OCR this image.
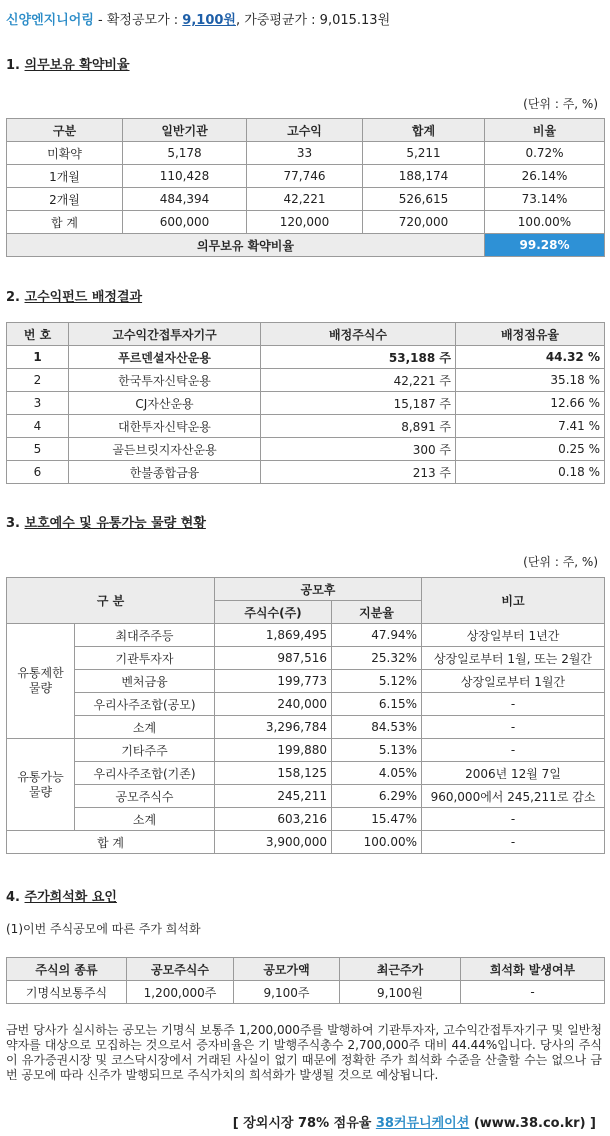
신양엔지니어링 - 확정공모가 : 9,100원, 가중평균가 : 9,015.13원
1. 의무보유 확약비율
(단위 : 주, %)
구분	일반기관	고수익	합계	비율
미확약	5,178	33	5,211	0.72%
1개월	110,428	77,746	188,174	26.14%
2개월	484,394	42,221	526,615	73.14%
합 계	600,000	120,000	720,000	100.00%
의무보유 확약비율				99.28%
2. 고수익펀드 배정결과
번 호	고수익간접투자기구	배정주식수	배정점유율
1	푸르덴셜자산운용	53,188 주	44.32 %
2	한국투자신탁운용	42,221 주	35.18 %
3	CJ자산운용	15,187 주	12.66 %
4	대한투자신탁운용	8,891 주	7.41 %
5	골든브릿지자산운용	300 주	0.25 %
6	한불종합금융	213 주	0.18 %
3. 보호예수 및 유통가능 물량 현황
(단위 : 주, %)
구 분		공모후		비고
		주식수(주)	지분율	
유통제한 물량	최대주주등	1,869,495	47.94%	상장일부터 1년간
	기관투자자	987,516	25.32%	상장일로부터 1월, 또는 2월간
	벤처금융	199,773	5.12%	상장일로부터 1월간
	우리사주조합(공모)	240,000	6.15%	-
	소계	3,296,784	84.53%	-
유통가능 물량	기타주주	199,880	5.13%	-
	우리사주조합(기존)	158,125	4.05%	2006년 12월 7일
	공모주식수	245,211	6.29%	960,000에서 245,211로 감소
	소계	603,216	15.47%	-
합 계		3,900,000	100.00%	-
4. 주가희석화 요인
(1)이번 주식공모에 따른 주가 희석화
주식의 종류	공모주식수	공모가액	최근주가	희석화 발생여부
기명식보통주식	1,200,000주	9,100주	9,100원	-
금번 당사가 실시하는 공모는 기명식 보통주 1,200,000주를 발행하여 기관투자자, 고수익간접투자기구 및 일반청약자를 대상으로 모집하는 것으로서 증자비율은 기 발행주식총수 2,700,000주 대비 44.44%입니다. 당사의 주식이 유가증권시장 및 코스닥시장에서 거래된 사실이 없기 때문에 정확한 주가 희석화 수준을 산출할 수는 없으나 금번 공모에 따라 신주가 발행되므로 주식가치의 희석화가 발생될 것으로 예상됩니다.
[ 장외시장 78% 점유율 38커뮤니케이션 (www.38.co.kr) ]
